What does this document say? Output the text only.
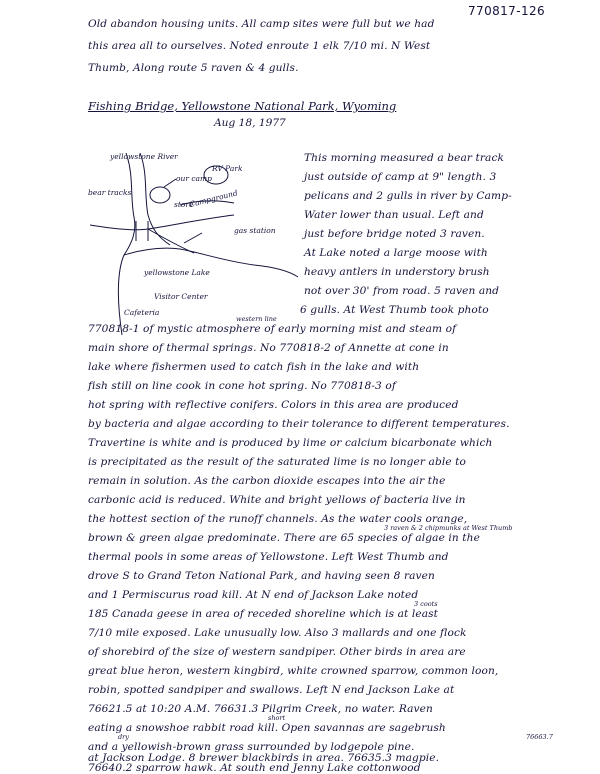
770817-126
Old abandon housing units. All camp sites were full but we had
this area all to ourselves. Noted enroute 1 elk 7/10 mi. N West
Thumb, Along route 5 raven & 4 gulls.
Fishing Bridge, Yellowstone National Park, Wyoming
Aug 18, 1977
yellowstone River
RV Park
our camp
Campground
store
bear tracks
gas station
yellowstone Lake
Visitor Center
Cafeteria
This morning measured a bear track
just outside of camp at 9" length. 3
pelicans and 2 gulls in river by Camp-
Water lower than usual. Left and
just before bridge noted 3 raven.
At Lake noted a large moose with
heavy antlers in understory brush
not over 30' from road. 5 raven and
6 gulls. At West Thumb took photo
western line
770818-1 of mystic atmosphere of early morning mist and steam of
main shore of thermal springs. No 770818-2 of Annette at cone in
lake where fishermen used to catch fish in the lake and with
fish still on line cook in cone hot spring. No 770818-3 of
hot spring with reflective conifers. Colors in this area are produced
by bacteria and algae according to their tolerance to different temperatures.
Travertine is white and is produced by lime or calcium bicarbonate which
is precipitated as the result of the saturated lime is no longer able to
remain in solution. As the carbon dioxide escapes into the air the
carbonic acid is reduced. White and bright yellows of bacteria live in
the hottest section of the runoff channels. As the water cools orange,
3 raven & 2 chipmunks at West Thumb
brown & green algae predominate. There are 65 species of algae in the
thermal pools in some areas of Yellowstone. Left West Thumb and
drove S to Grand Teton National Park, and having seen 8 raven
and 1 Permiscurus road kill. At N end of Jackson Lake noted
3 coots
185 Canada geese in area of receded shoreline which is at least
7/10 mile exposed. Lake unusually low. Also 3 mallards and one flock
of shorebird of the size of western sandpiper. Other birds in area are
great blue heron, western kingbird, white crowned sparrow, common loon,
robin, spotted sandpiper and swallows. Left N end Jackson Lake at
76621.5 at 10:20 A.M. 76631.3 Pilgrim Creek, no water. Raven
short
eating a snowshoe rabbit road kill. Open savannas are sagebrush
dry	76663.7
and a yellowish-brown grass surrounded by lodgepole pine.
at Jackson Lodge. 8 brewer blackbirds in area. 76635.3 magpie.
76640.2 sparrow hawk. At south end Jenny Lake cottonwood
